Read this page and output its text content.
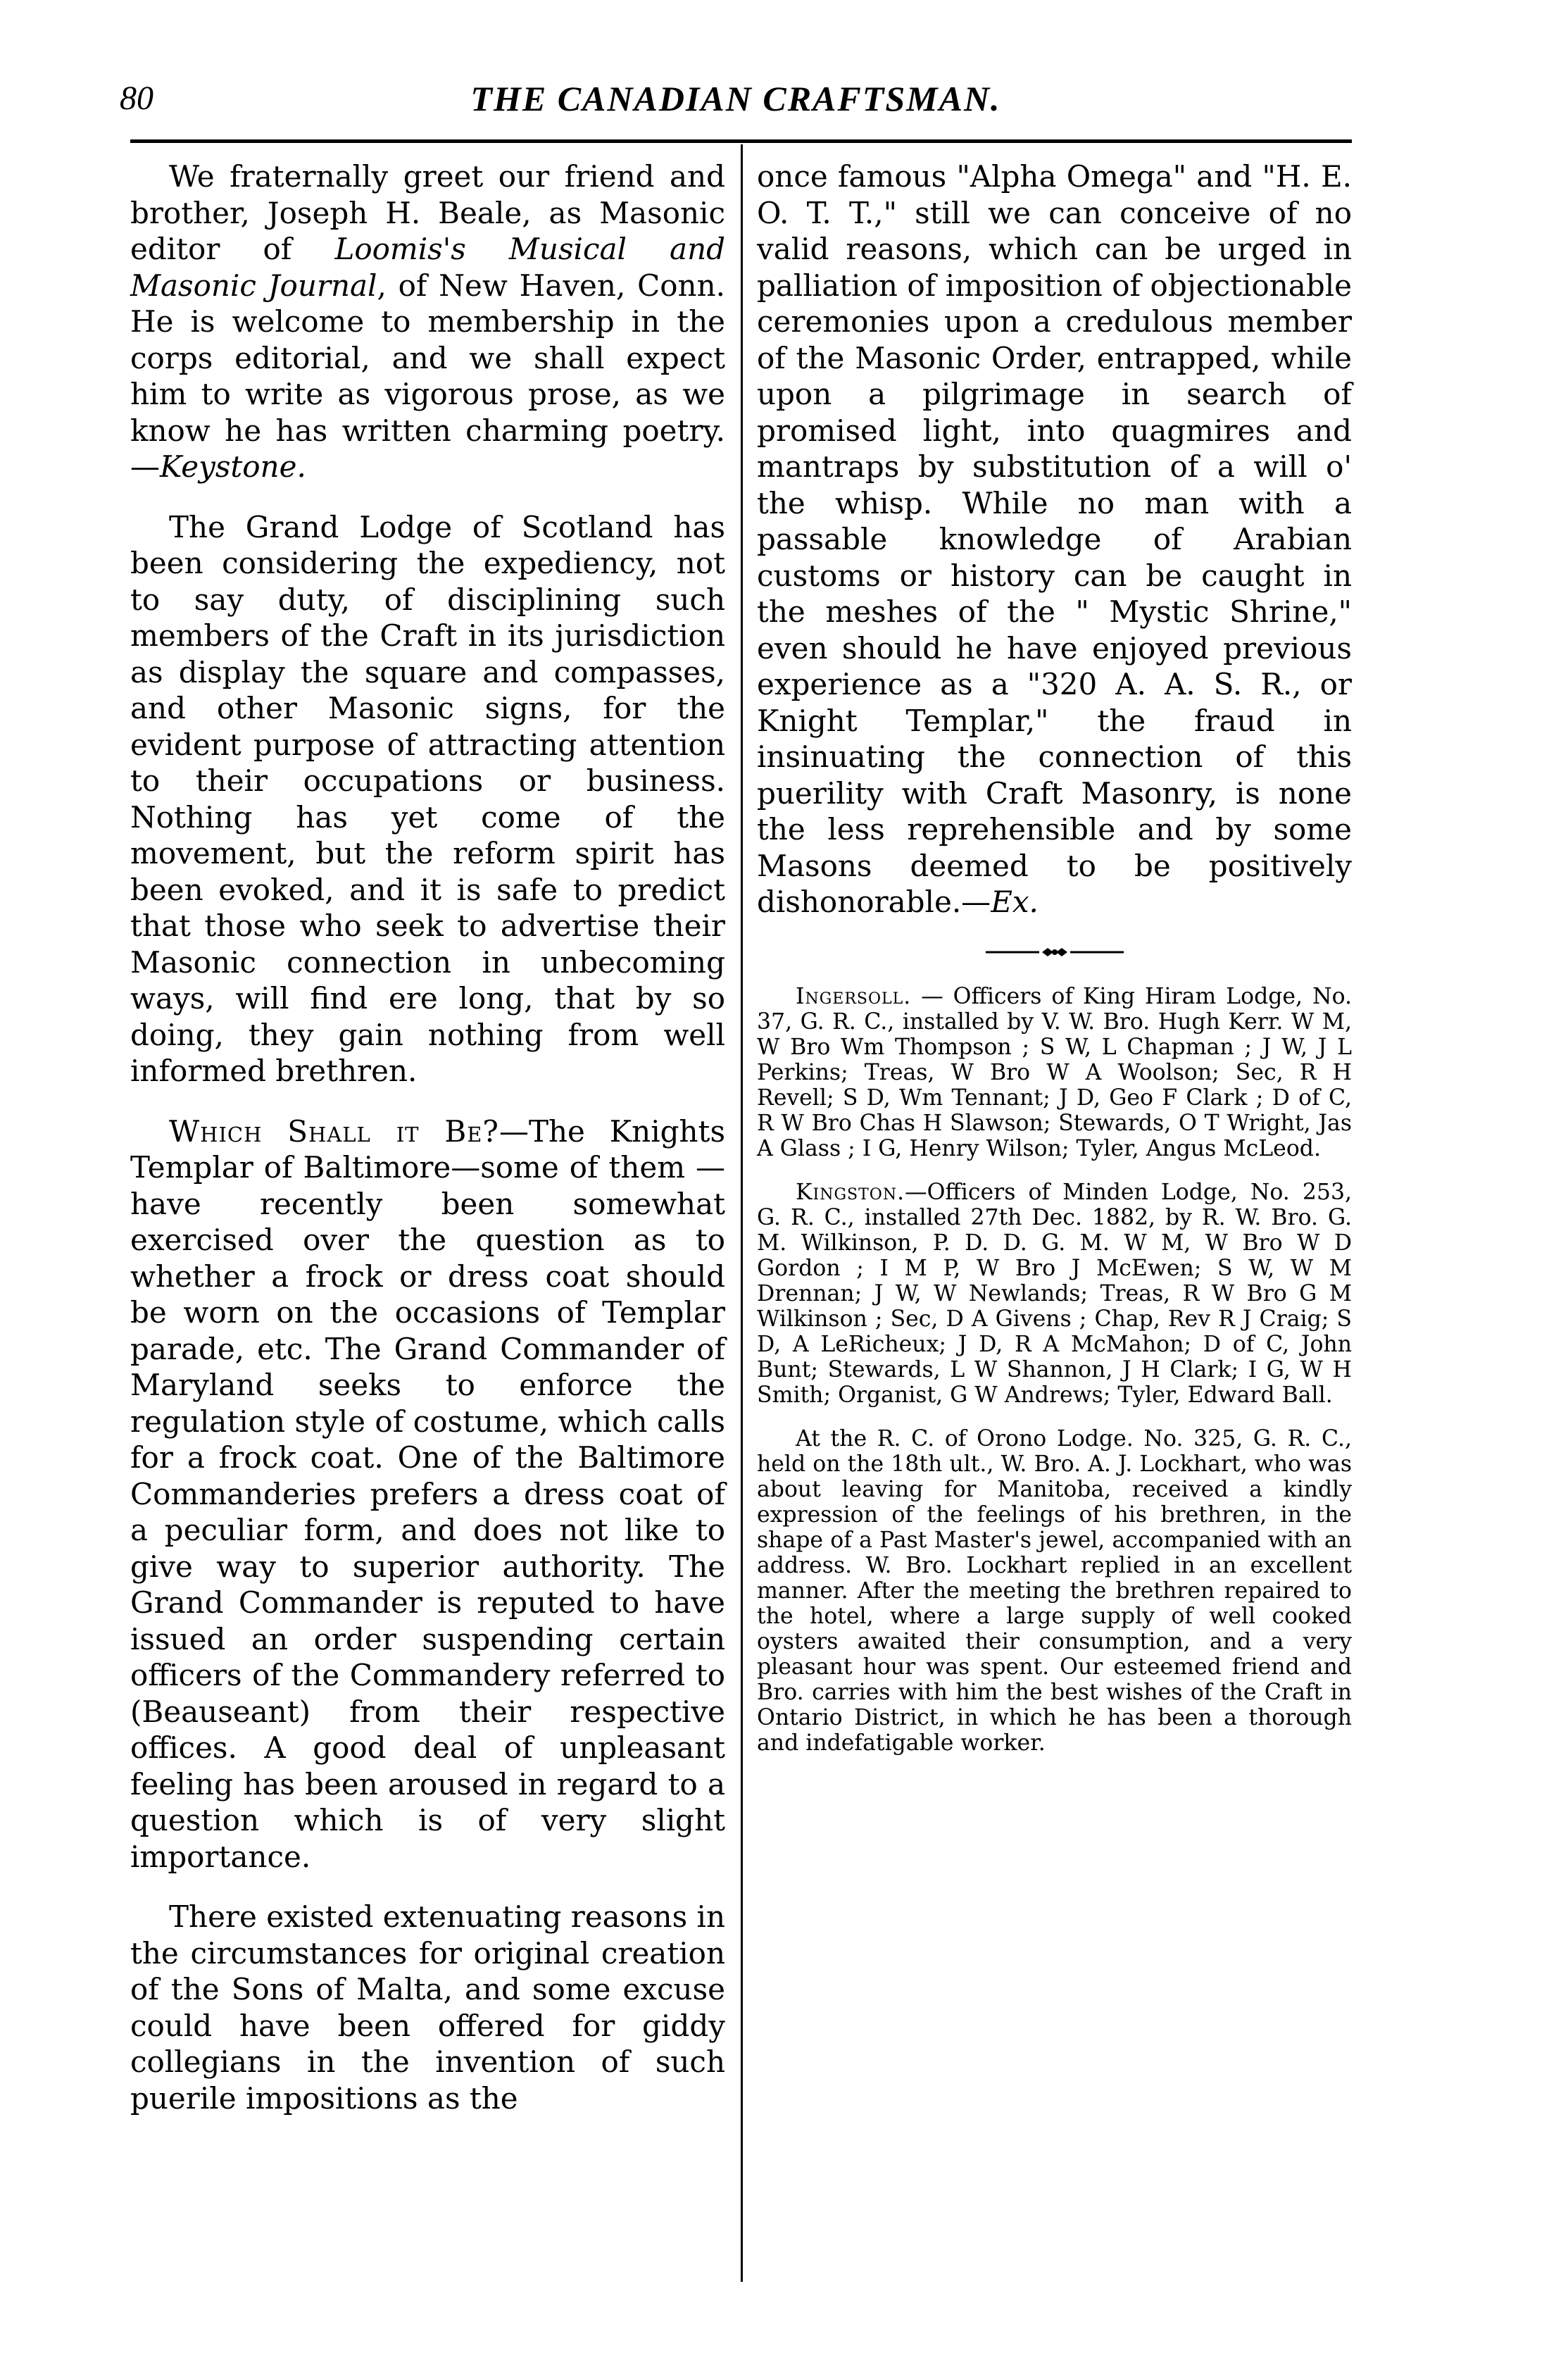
80	THE CANADIAN CRAFTSMAN.

We fraternally greet our friend and brother, Joseph H. Beale, as Masonic editor of Loomis's Musical and Masonic Journal, of New Haven, Conn. He is welcome to membership in the corps editorial, and we shall expect him to write as vigorous prose, as we know he has written charming poetry.—Keystone.

The Grand Lodge of Scotland has been considering the expediency, not to say duty, of disciplining such members of the Craft in its jurisdiction as display the square and compasses, and other Masonic signs, for the evident purpose of attracting attention to their occupations or business. Nothing has yet come of the movement, but the reform spirit has been evoked, and it is safe to predict that those who seek to advertise their Masonic connection in unbecoming ways, will find ere long, that by so doing, they gain nothing from well informed brethren.

Which Shall it Be?—The Knights Templar of Baltimore—some of them —have recently been somewhat exercised over the question as to whether a frock or dress coat should be worn on the occasions of Templar parade, etc. The Grand Commander of Maryland seeks to enforce the regulation style of costume, which calls for a frock coat. One of the Baltimore Commanderies prefers a dress coat of a peculiar form, and does not like to give way to superior authority. The Grand Commander is reputed to have issued an order suspending certain officers of the Commandery referred to (Beauseant) from their respective offices. A good deal of unpleasant feeling has been aroused in regard to a question which is of very slight importance.

There existed extenuating reasons in the circumstances for original creation of the Sons of Malta, and some excuse could have been offered for giddy collegians in the invention of such puerile impositions as the

once famous "Alpha Omega" and "H. E. O. T. T.," still we can conceive of no valid reasons, which can be urged in palliation of imposition of objectionable ceremonies upon a credulous member of the Masonic Order, entrapped, while upon a pilgrimage in search of promised light, into quagmires and mantraps by substitution of a will o' the whisp. While no man with a passable knowledge of Arabian customs or history can be caught in the meshes of the " Mystic Shrine," even should he have enjoyed previous experience as a "320 A. A. S. R., or Knight Templar," the fraud in insinuating the connection of this puerility with Craft Masonry, is none the less reprehensible and by some Masons deemed to be positively dishonorable.—Ex.

Ingersoll. — Officers of King Hiram Lodge, No. 37, G. R. C., installed by V. W. Bro. Hugh Kerr. W M, W Bro Wm Thompson ; S W, L Chapman ; J W, J L Perkins; Treas, W Bro W A Woolson; Sec, R H Revell; S D, Wm Tennant; J D, Geo F Clark ; D of C, R W Bro Chas H Slawson; Stewards, O T Wright, Jas A Glass ; I G, Henry Wilson; Tyler, Angus McLeod.

Kingston.—Officers of Minden Lodge, No. 253, G. R. C., installed 27th Dec. 1882, by R. W. Bro. G. M. Wilkinson, P. D. D. G. M. W M, W Bro W D Gordon ; I M P, W Bro J McEwen; S W, W M Drennan; J W, W Newlands; Treas, R W Bro G M Wilkinson ; Sec, D A Givens ; Chap, Rev R J Craig; S D, A LeRicheux; J D, R A McMahon; D of C, John Bunt; Stewards, L W Shannon, J H Clark; I G, W H Smith; Organist, G W Andrews; Tyler, Edward Ball.

At the R. C. of Orono Lodge. No. 325, G. R. C., held on the 18th ult., W. Bro. A. J. Lockhart, who was about leaving for Manitoba, received a kindly expression of the feelings of his brethren, in the shape of a Past Master's jewel, accompanied with an address. W. Bro. Lockhart replied in an excellent manner. After the meeting the brethren repaired to the hotel, where a large supply of well cooked oysters awaited their consumption, and a very pleasant hour was spent. Our esteemed friend and Bro. carries with him the best wishes of the Craft in Ontario District, in which he has been a thorough and indefatigable worker.
